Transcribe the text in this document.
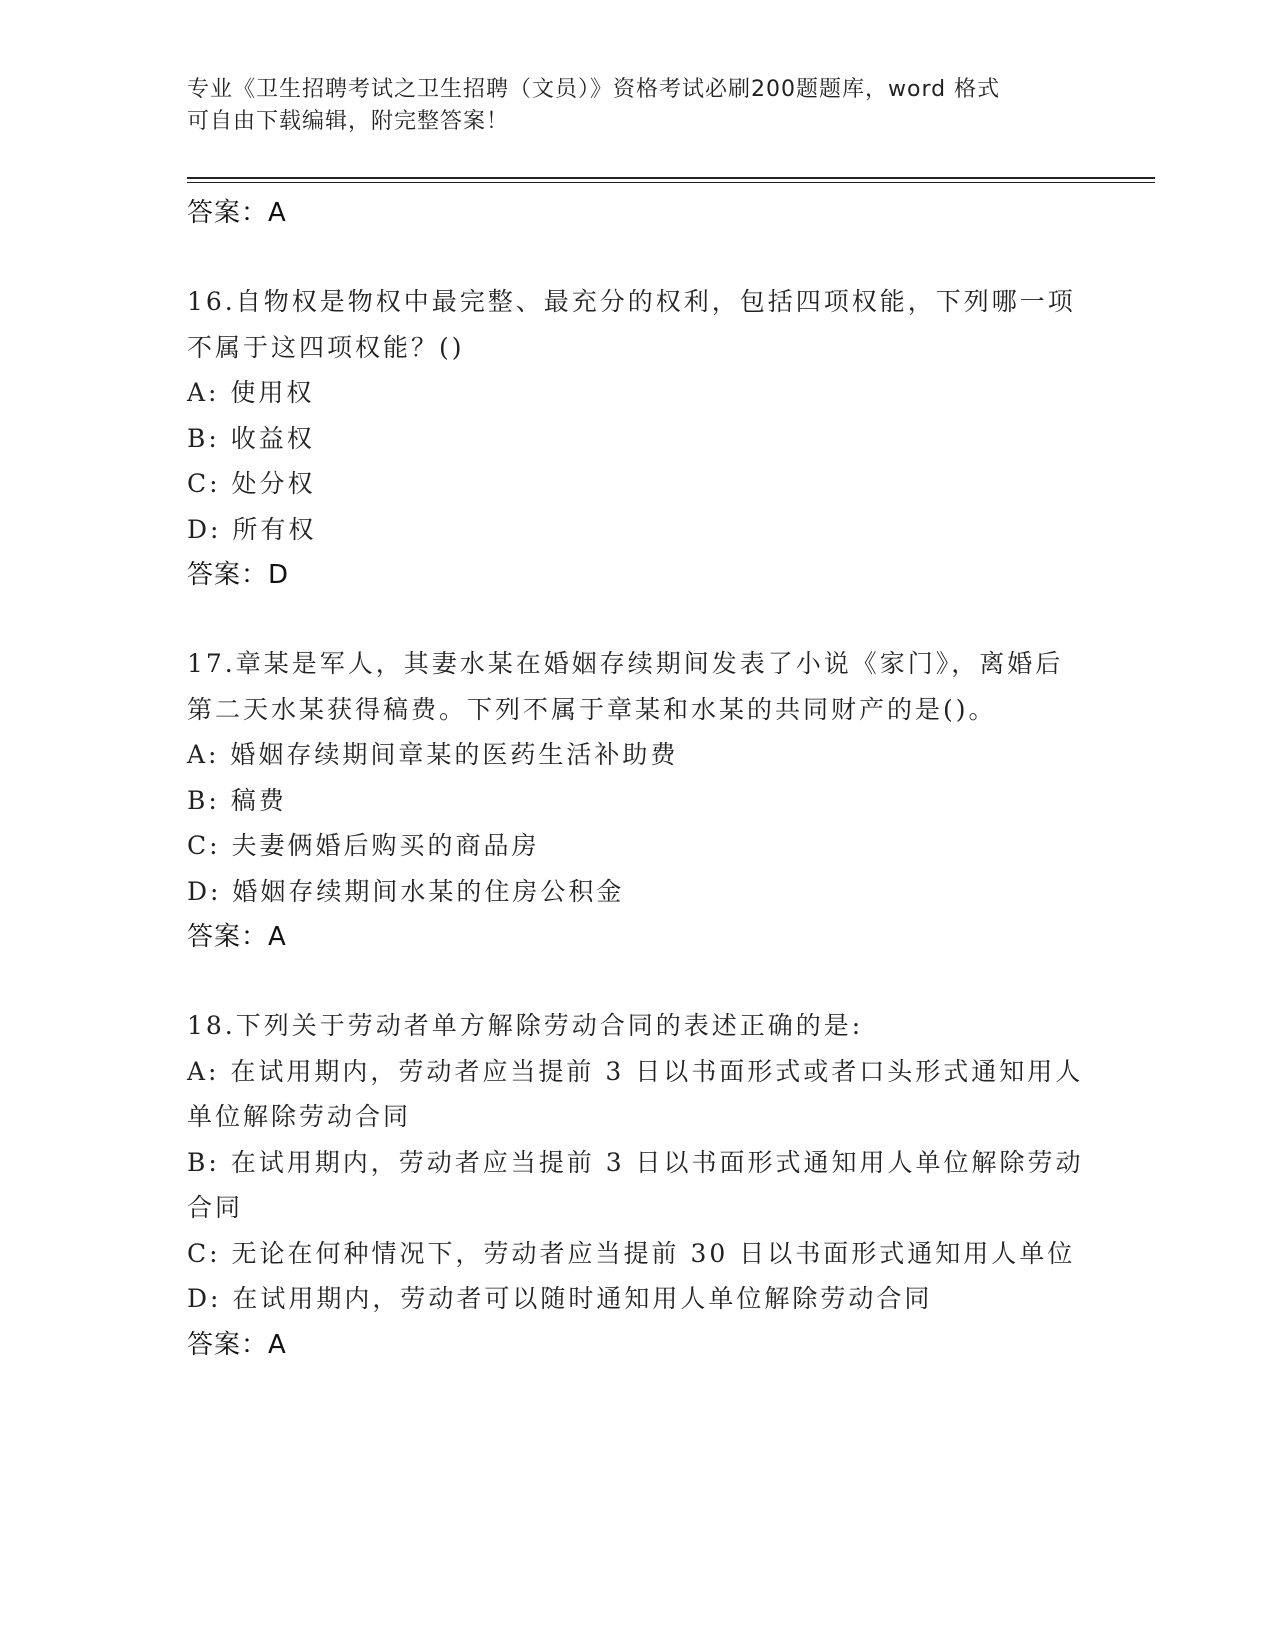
专业《卫生招聘考试之卫生招聘（文员）》资格考试必刷200题题库，word 格式
可自由下载编辑，附完整答案！
答案：A
16.自物权是物权中最完整、最充分的权利，包括四项权能，下列哪一项不属于这四项权能？()
A: 使用权
B: 收益权
C: 处分权
D: 所有权
答案：D
17.章某是军人，其妻水某在婚姻存续期间发表了小说《家门》，离婚后第二天水某获得稿费。下列不属于章某和水某的共同财产的是()。
A: 婚姻存续期间章某的医药生活补助费
B: 稿费
C: 夫妻俩婚后购买的商品房
D: 婚姻存续期间水某的住房公积金
答案：A
18.下列关于劳动者单方解除劳动合同的表述正确的是:
A: 在试用期内，劳动者应当提前 3 日以书面形式或者口头形式通知用人单位解除劳动合同
B: 在试用期内，劳动者应当提前 3 日以书面形式通知用人单位解除劳动合同
C: 无论在何种情况下，劳动者应当提前 30 日以书面形式通知用人单位
D: 在试用期内，劳动者可以随时通知用人单位解除劳动合同
答案：A
